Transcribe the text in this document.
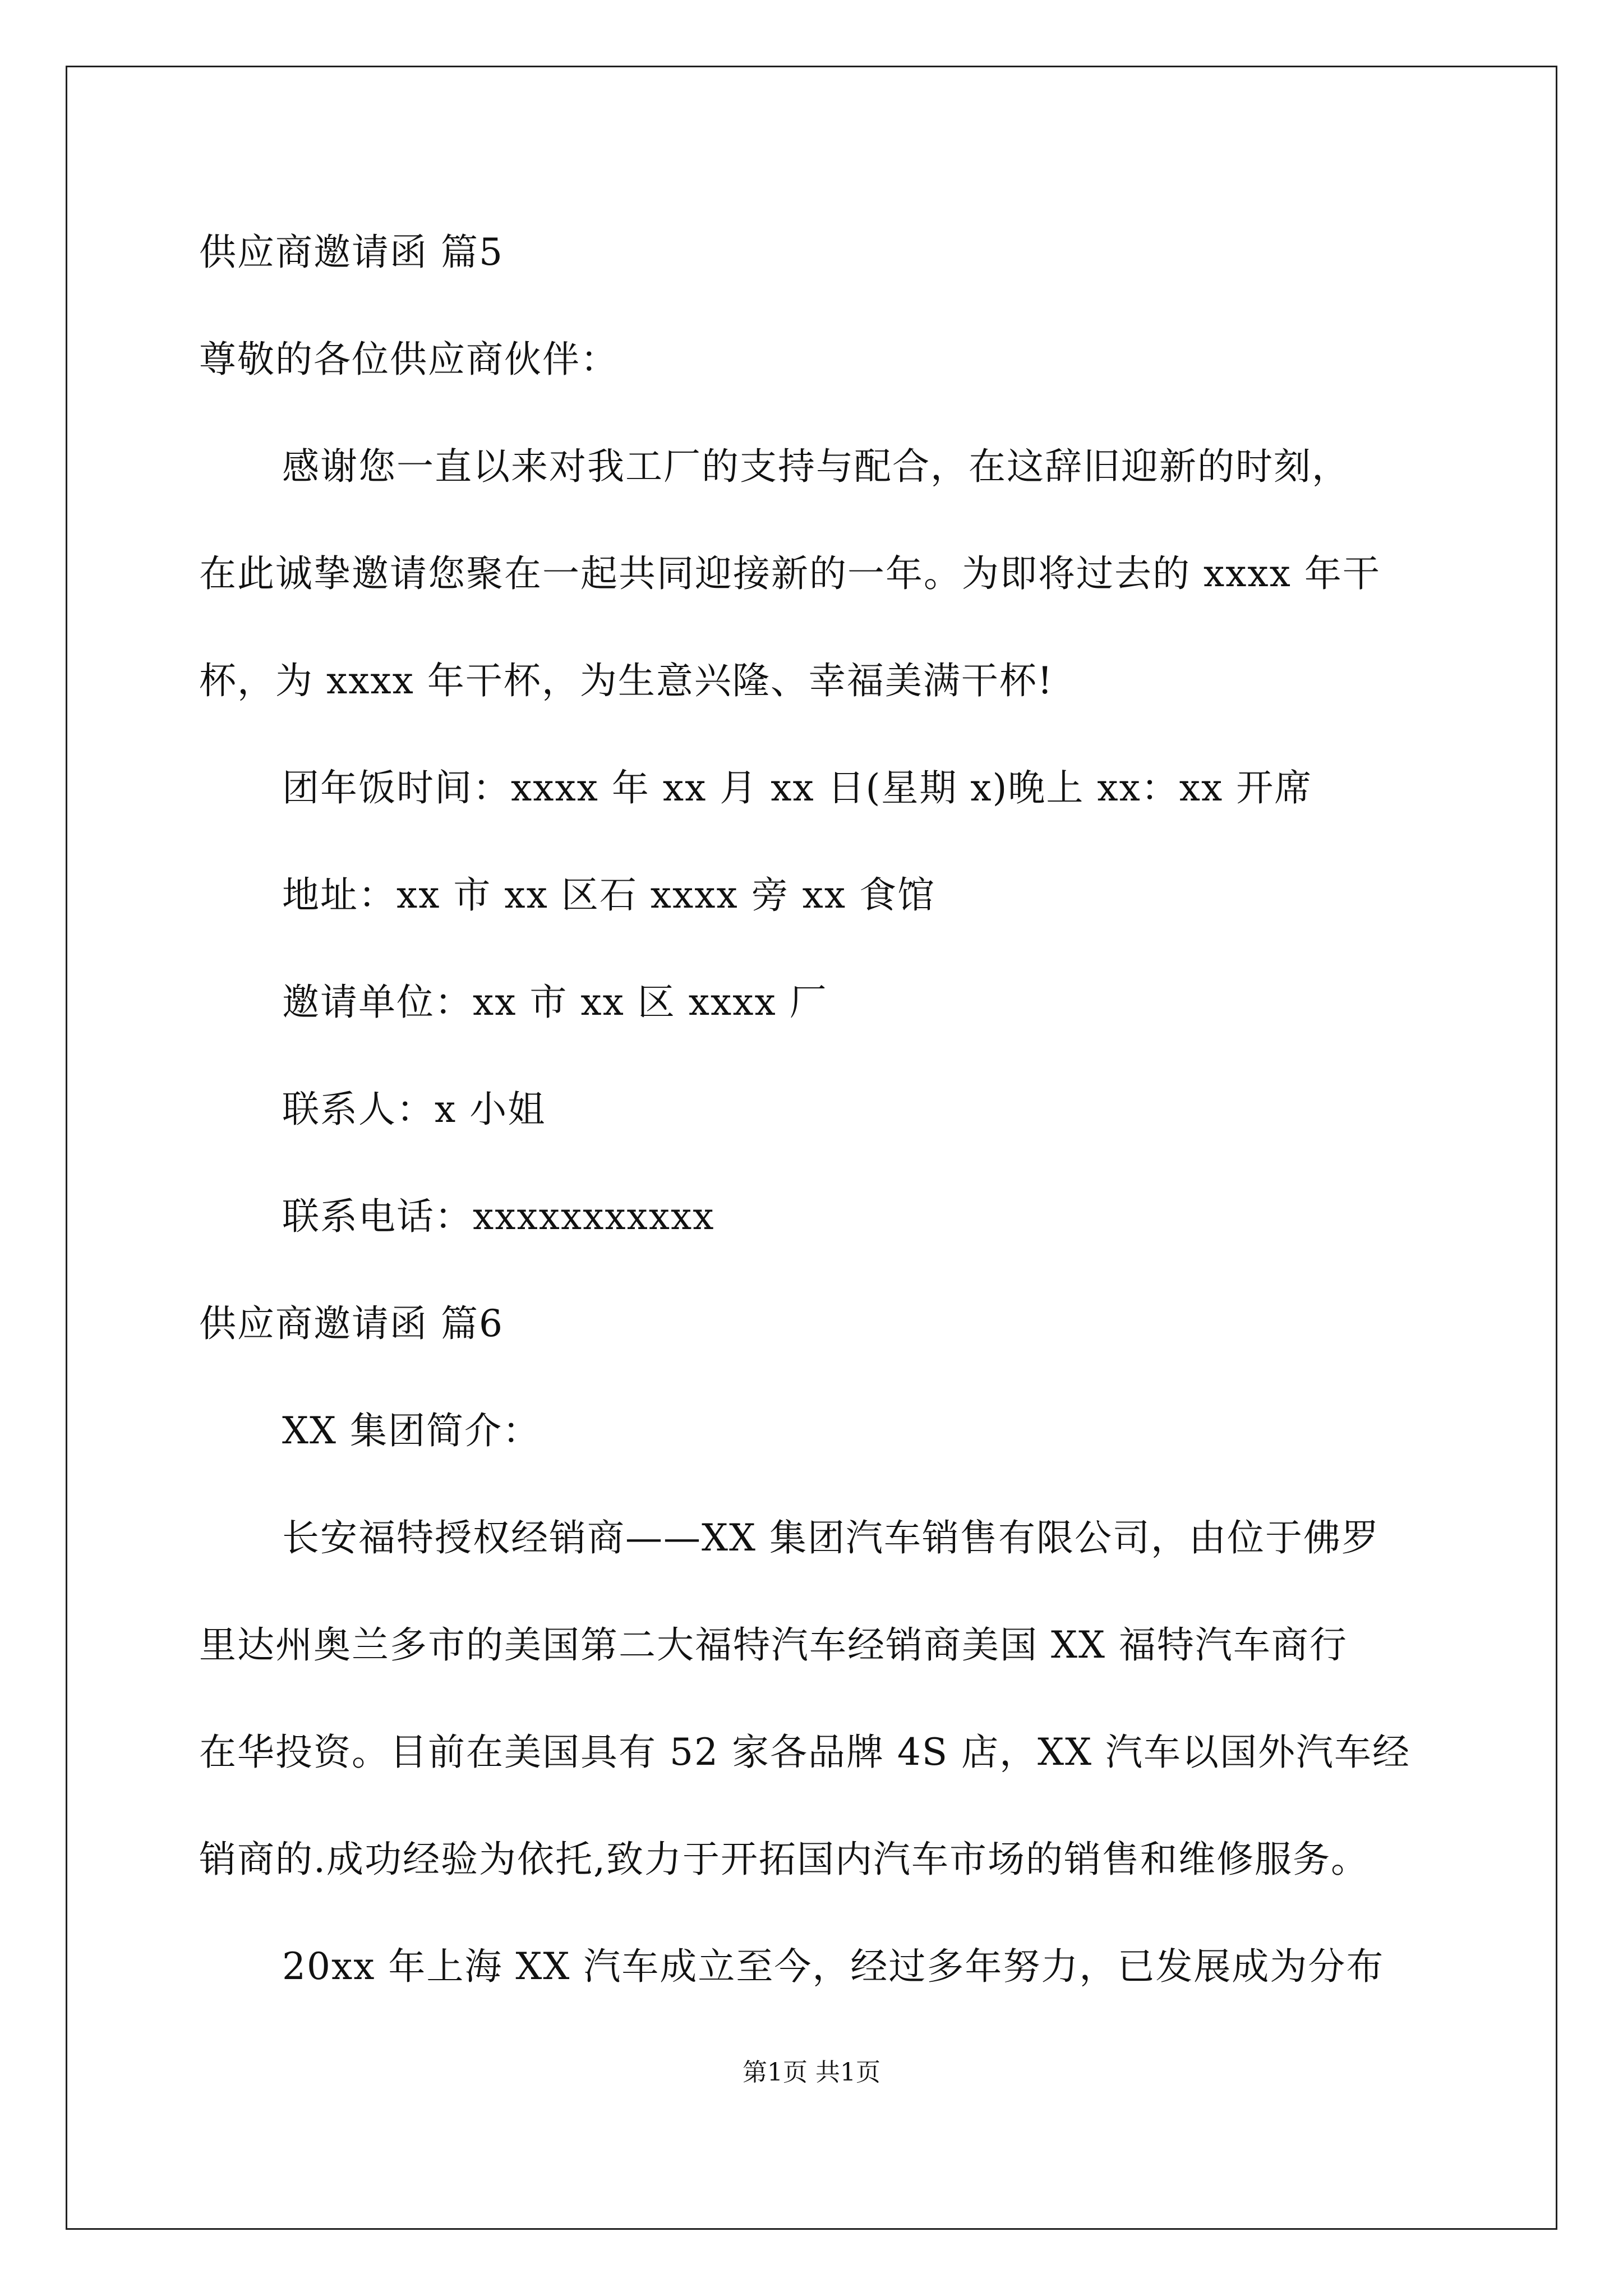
供应商邀请函 篇5
尊敬的各位供应商伙伴：
感谢您一直以来对我工厂的支持与配合，在这辞旧迎新的时刻，
在此诚挚邀请您聚在一起共同迎接新的一年。为即将过去的 xxxx 年干
杯，为 xxxx 年干杯，为生意兴隆、幸福美满干杯!
团年饭时间：xxxx 年 xx 月 xx 日(星期 x)晚上 xx：xx 开席
地址：xx 市 xx 区石 xxxx 旁 xx 食馆
邀请单位：xx 市 xx 区 xxxx 厂
联系人：x 小姐
联系电话：xxxxxxxxxxx
供应商邀请函 篇6
XX 集团简介：
长安福特授权经销商——XX 集团汽车销售有限公司，由位于佛罗
里达州奥兰多市的美国第二大福特汽车经销商美国 XX 福特汽车商行
在华投资。目前在美国具有 52 家各品牌 4S 店，XX 汽车以国外汽车经
销商的.成功经验为依托,致力于开拓国内汽车市场的销售和维修服务。
20xx 年上海 XX 汽车成立至今，经过多年努力，已发展成为分布
第1页 共1页
